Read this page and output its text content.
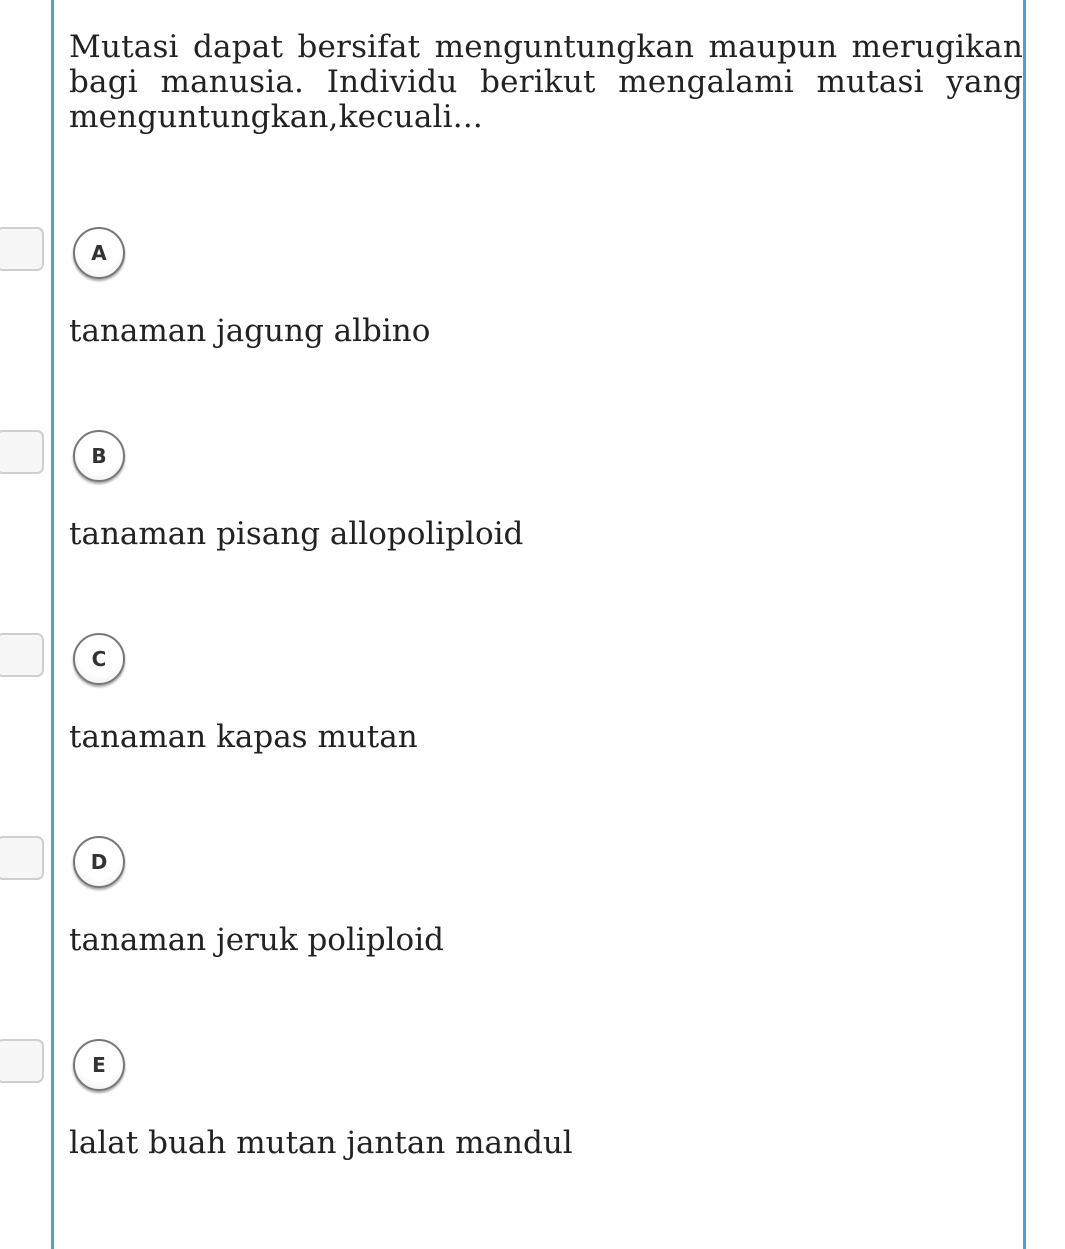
Mutasi dapat bersifat menguntungkan maupun merugikan bagi manusia. Individu berikut mengalami mutasi yang menguntungkan,kecuali...
A
tanaman jagung albino
B
tanaman pisang allopoliploid
C
tanaman kapas mutan
D
tanaman jeruk poliploid
E
lalat buah mutan jantan mandul
